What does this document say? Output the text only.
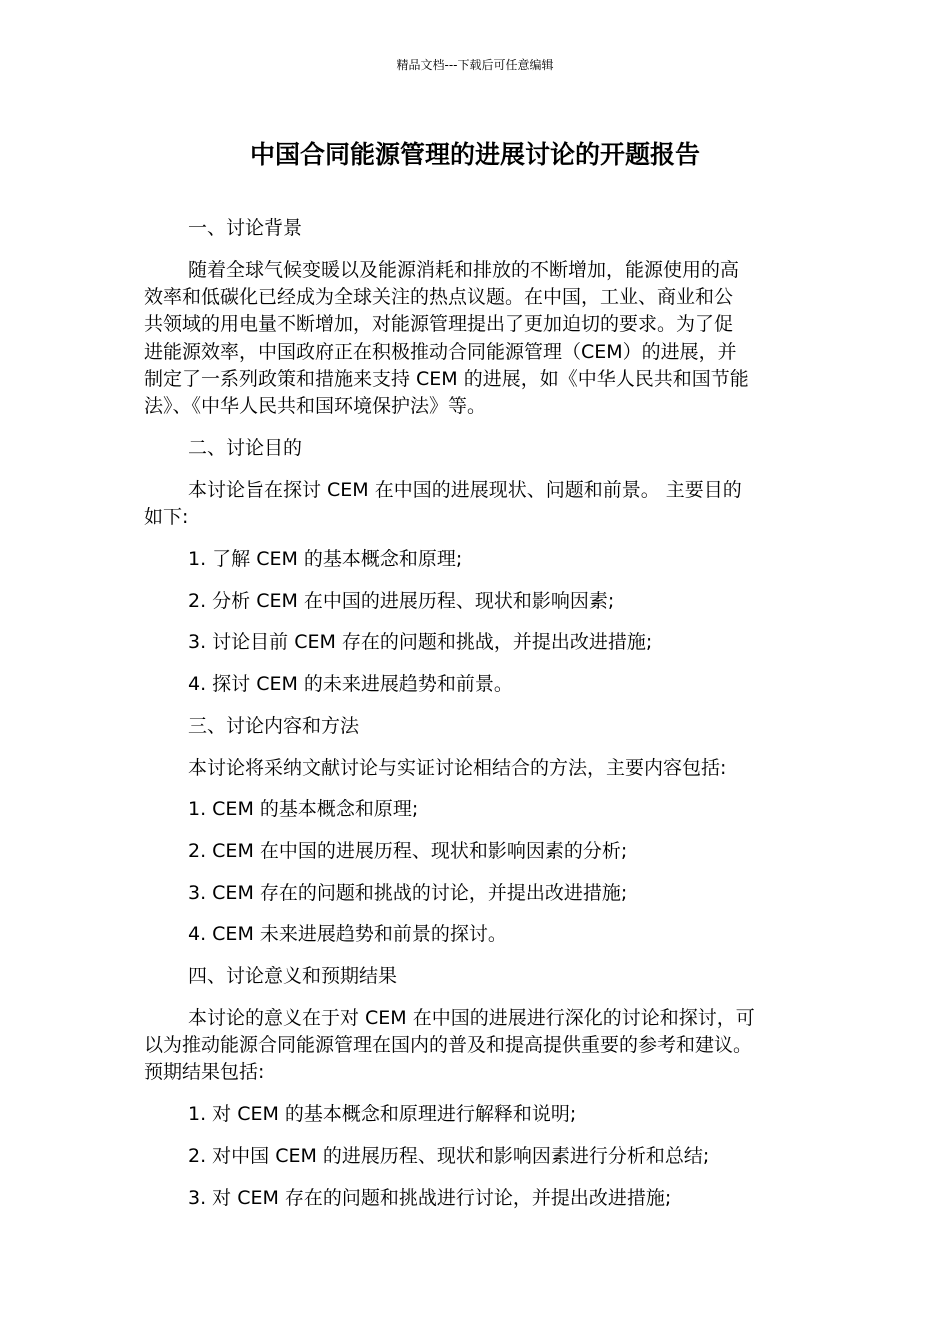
精品文档---下载后可任意编辑
中国合同能源管理的进展讨论的开题报告
一、讨论背景
随着全球气候变暖以及能源消耗和排放的不断增加，能源使用的高
效率和低碳化已经成为全球关注的热点议题。在中国，工业、商业和公
共领域的用电量不断增加，对能源管理提出了更加迫切的要求。为了促
进能源效率，中国政府正在积极推动合同能源管理（CEM）的进展，并
制定了一系列政策和措施来支持 CEM 的进展，如《中华人民共和国节能
法》、《中华人民共和国环境保护法》等。
二、讨论目的
本讨论旨在探讨 CEM 在中国的进展现状、问题和前景。 主要目的
如下:
1. 了解 CEM 的基本概念和原理;
2. 分析 CEM 在中国的进展历程、现状和影响因素;
3. 讨论目前 CEM 存在的问题和挑战，并提出改进措施;
4. 探讨 CEM 的未来进展趋势和前景。
三、讨论内容和方法
本讨论将采纳文献讨论与实证讨论相结合的方法，主要内容包括:
1. CEM 的基本概念和原理;
2. CEM 在中国的进展历程、现状和影响因素的分析;
3. CEM 存在的问题和挑战的讨论，并提出改进措施;
4. CEM 未来进展趋势和前景的探讨。
四、讨论意义和预期结果
本讨论的意义在于对 CEM 在中国的进展进行深化的讨论和探讨，可
以为推动能源合同能源管理在国内的普及和提高提供重要的参考和建议。
预期结果包括:
1. 对 CEM 的基本概念和原理进行解释和说明;
2. 对中国 CEM 的进展历程、现状和影响因素进行分析和总结;
3. 对 CEM 存在的问题和挑战进行讨论，并提出改进措施;
